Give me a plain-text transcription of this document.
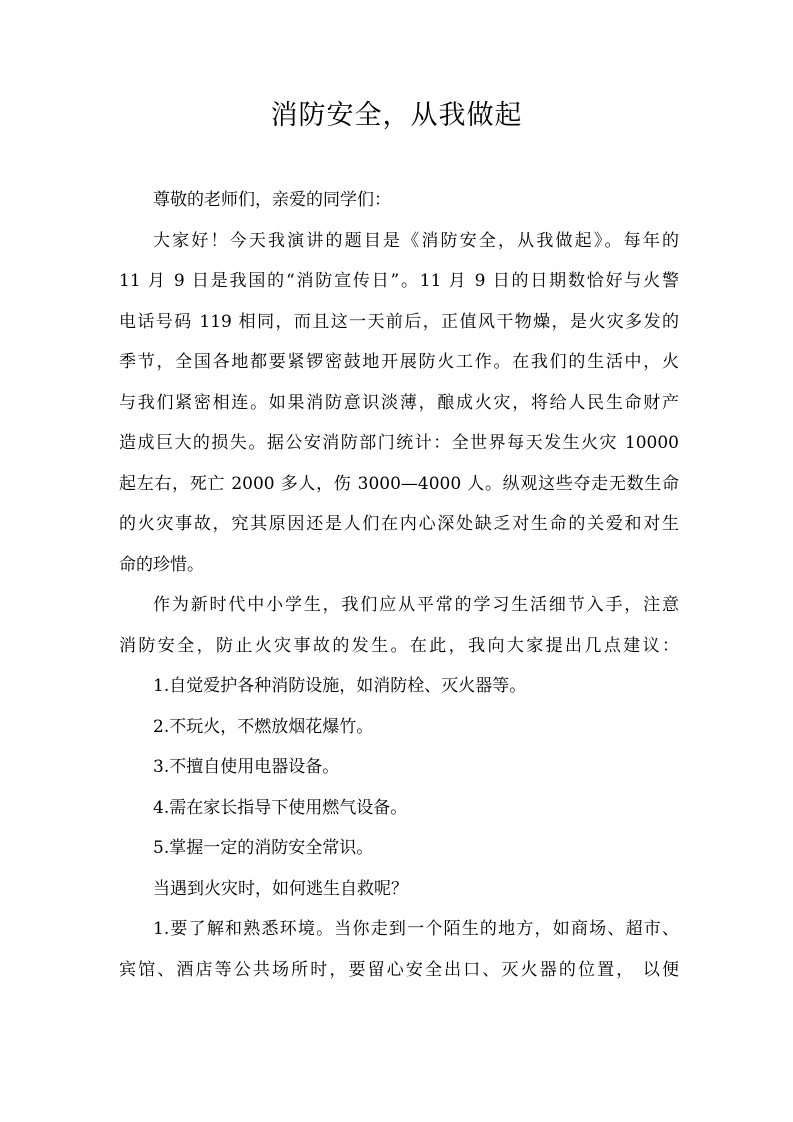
消防安全，从我做起
尊敬的老师们，亲爱的同学们：
大家好！今天我演讲的题目是《消防安全，从我做起》。每年的
11 月 9 日是我国的“消防宣传日”。11 月 9 日的日期数恰好与火警
电话号码 119 相同，而且这一天前后，正值风干物燥，是火灾多发的
季节，全国各地都要紧锣密鼓地开展防火工作。在我们的生活中，火
与我们紧密相连。如果消防意识淡薄，酿成火灾，将给人民生命财产
造成巨大的损失。据公安消防部门统计：全世界每天发生火灾 10000
起左右，死亡 2000 多人，伤 3000—4000 人。纵观这些夺走无数生命
的火灾事故，究其原因还是人们在内心深处缺乏对生命的关爱和对生
命的珍惜。
作为新时代中小学生，我们应从平常的学习生活细节入手，注意
消防安全，防止火灾事故的发生。在此，我向大家提出几点建议：
1.自觉爱护各种消防设施，如消防栓、灭火器等。
2.不玩火，不燃放烟花爆竹。
3.不擅自使用电器设备。
4.需在家长指导下使用燃气设备。
5.掌握一定的消防安全常识。
当遇到火灾时，如何逃生自救呢？
1.要了解和熟悉环境。当你走到一个陌生的地方，如商场、超市、
宾馆、酒店等公共场所时，要留心安全出口、灭火器的位置， 以便
